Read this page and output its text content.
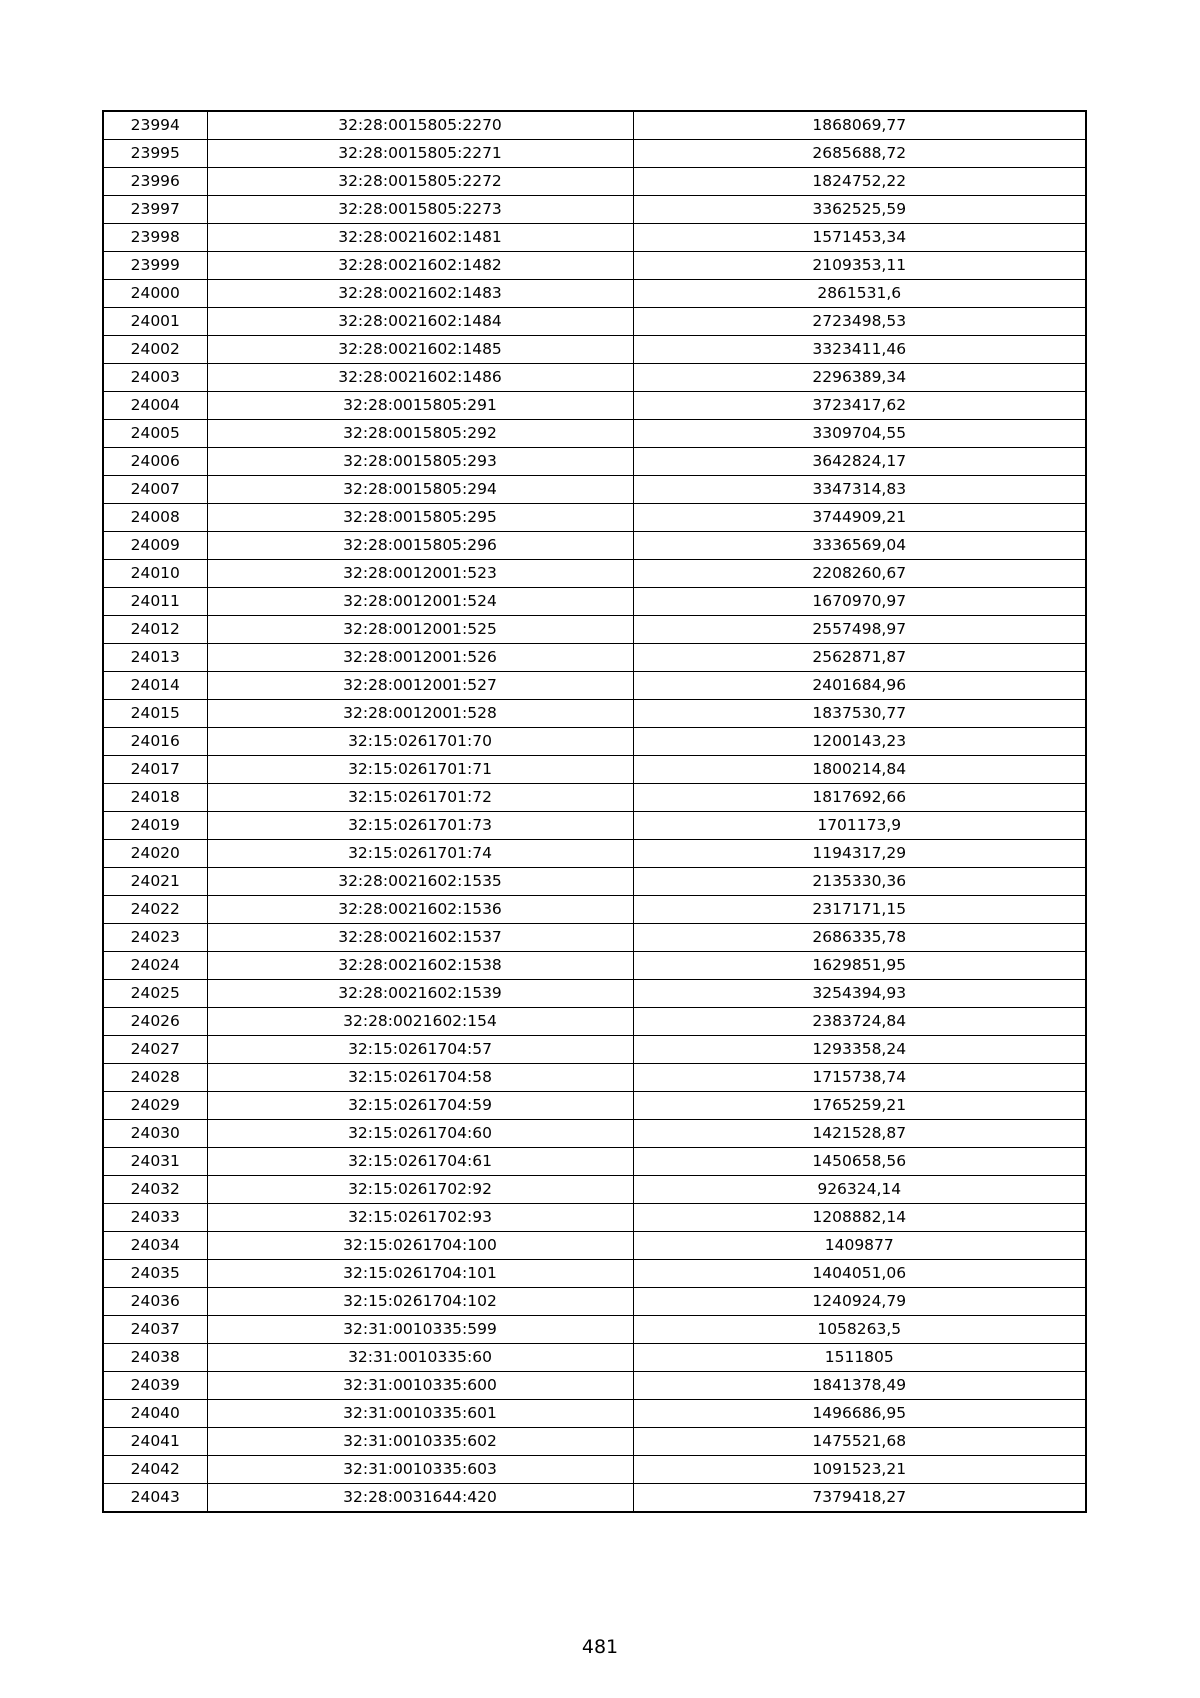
23994	32:28:0015805:2270	1868069,77
23995	32:28:0015805:2271	2685688,72
23996	32:28:0015805:2272	1824752,22
23997	32:28:0015805:2273	3362525,59
23998	32:28:0021602:1481	1571453,34
23999	32:28:0021602:1482	2109353,11
24000	32:28:0021602:1483	2861531,6
24001	32:28:0021602:1484	2723498,53
24002	32:28:0021602:1485	3323411,46
24003	32:28:0021602:1486	2296389,34
24004	32:28:0015805:291	3723417,62
24005	32:28:0015805:292	3309704,55
24006	32:28:0015805:293	3642824,17
24007	32:28:0015805:294	3347314,83
24008	32:28:0015805:295	3744909,21
24009	32:28:0015805:296	3336569,04
24010	32:28:0012001:523	2208260,67
24011	32:28:0012001:524	1670970,97
24012	32:28:0012001:525	2557498,97
24013	32:28:0012001:526	2562871,87
24014	32:28:0012001:527	2401684,96
24015	32:28:0012001:528	1837530,77
24016	32:15:0261701:70	1200143,23
24017	32:15:0261701:71	1800214,84
24018	32:15:0261701:72	1817692,66
24019	32:15:0261701:73	1701173,9
24020	32:15:0261701:74	1194317,29
24021	32:28:0021602:1535	2135330,36
24022	32:28:0021602:1536	2317171,15
24023	32:28:0021602:1537	2686335,78
24024	32:28:0021602:1538	1629851,95
24025	32:28:0021602:1539	3254394,93
24026	32:28:0021602:154	2383724,84
24027	32:15:0261704:57	1293358,24
24028	32:15:0261704:58	1715738,74
24029	32:15:0261704:59	1765259,21
24030	32:15:0261704:60	1421528,87
24031	32:15:0261704:61	1450658,56
24032	32:15:0261702:92	926324,14
24033	32:15:0261702:93	1208882,14
24034	32:15:0261704:100	1409877
24035	32:15:0261704:101	1404051,06
24036	32:15:0261704:102	1240924,79
24037	32:31:0010335:599	1058263,5
24038	32:31:0010335:60	1511805
24039	32:31:0010335:600	1841378,49
24040	32:31:0010335:601	1496686,95
24041	32:31:0010335:602	1475521,68
24042	32:31:0010335:603	1091523,21
24043	32:28:0031644:420	7379418,27
481
